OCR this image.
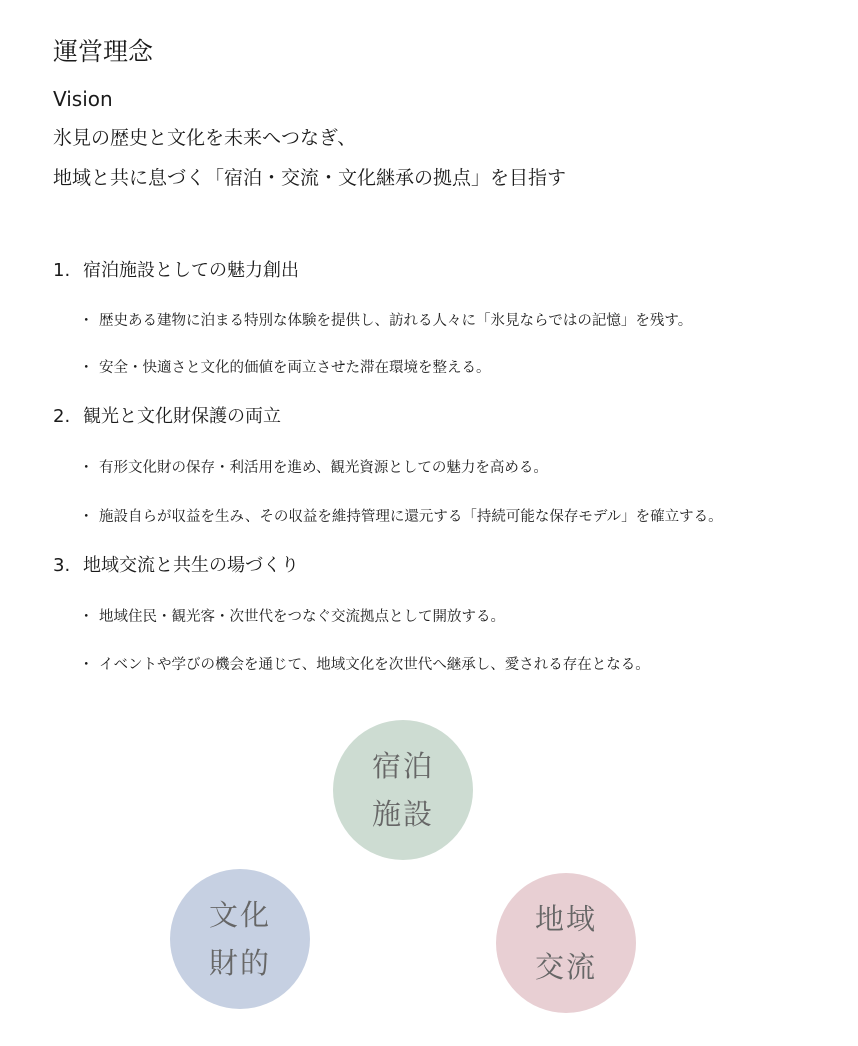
運営理念
Vision
氷見の歴史と文化を未来へつなぎ、
地域と共に息づく「宿泊・交流・文化継承の拠点」を目指す
1. 宿泊施設としての魅力創出
・ 歴史ある建物に泊まる特別な体験を提供し、訪れる人々に「氷見ならではの記憶」を残す。
・ 安全・快適さと文化的価値を両立させた滞在環境を整える。
2. 観光と文化財保護の両立
・ 有形文化財の保存・利活用を進め、観光資源としての魅力を高める。
・ 施設自らが収益を生み、その収益を維持管理に還元する「持続可能な保存モデル」を確立する。
3. 地域交流と共生の場づくり
・ 地域住民・観光客・次世代をつなぐ交流拠点として開放する。
・ イベントや学びの機会を通じて、地域文化を次世代へ継承し、愛される存在となる。
宿泊
施設
文化
財的
地域
交流
